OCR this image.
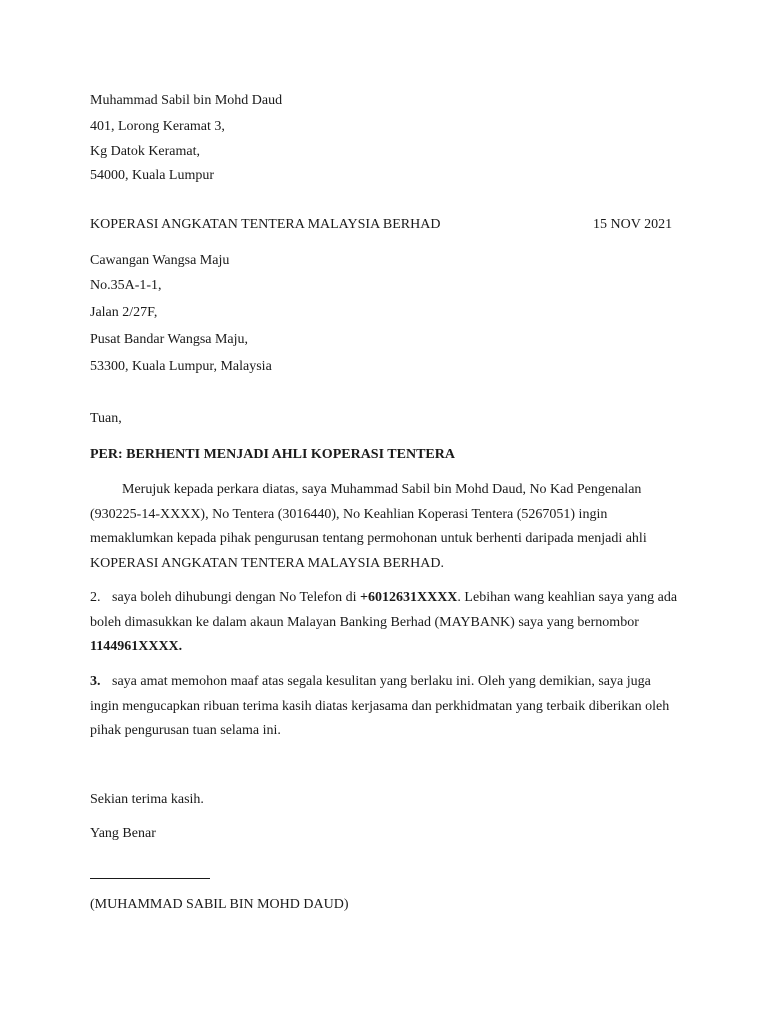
Muhammad Sabil bin Mohd Daud
401, Lorong Keramat 3,
Kg Datok Keramat,
54000, Kuala Lumpur
KOPERASI ANGKATAN TENTERA MALAYSIA BERHAD	15 NOV 2021
Cawangan Wangsa Maju
No.35A-1-1,
Jalan 2/27F,
Pusat Bandar Wangsa Maju,
53300, Kuala Lumpur, Malaysia
Tuan,
PER: BERHENTI MENJADI AHLI KOPERASI TENTERA
Merujuk kepada perkara diatas, saya Muhammad Sabil bin Mohd Daud, No Kad Pengenalan (930225-14-XXXX), No Tentera (3016440), No Keahlian Koperasi Tentera (5267051) ingin memaklumkan kepada pihak pengurusan tentang permohonan untuk berhenti daripada menjadi ahli KOPERASI ANGKATAN TENTERA MALAYSIA BERHAD.
2. saya boleh dihubungi dengan No Telefon di +6012631XXXX. Lebihan wang keahlian saya yang ada boleh dimasukkan ke dalam akaun Malayan Banking Berhad (MAYBANK) saya yang bernombor 1144961XXXX.
3. saya amat memohon maaf atas segala kesulitan yang berlaku ini. Oleh yang demikian, saya juga ingin mengucapkan ribuan terima kasih diatas kerjasama dan perkhidmatan yang terbaik diberikan oleh pihak pengurusan tuan selama ini.
Sekian terima kasih.
Yang Benar
(MUHAMMAD SABIL BIN MOHD DAUD)
